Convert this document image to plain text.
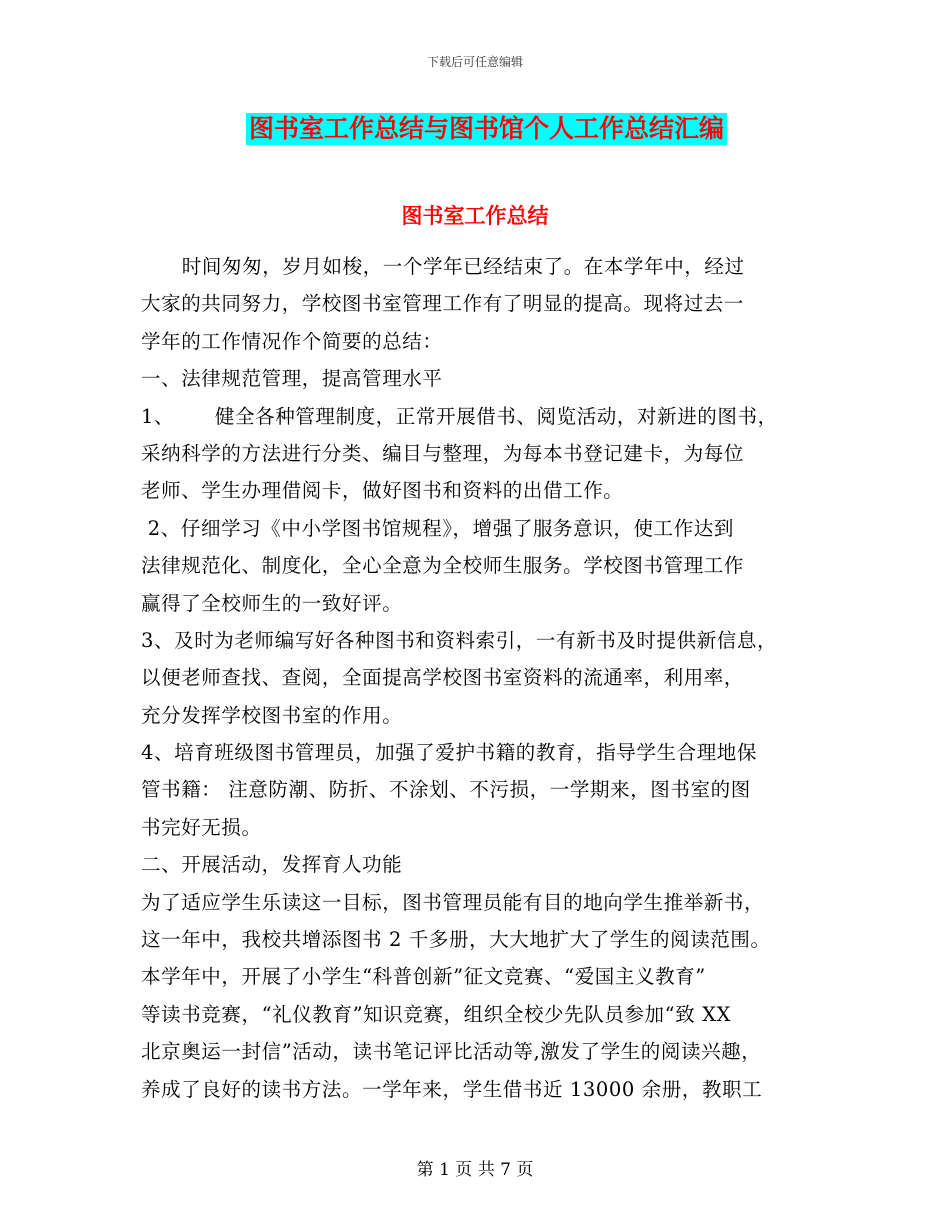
下载后可任意编辑
图书室工作总结与图书馆个人工作总结汇编
图书室工作总结
时间匆匆，岁月如梭，一个学年已经结束了。在本学年中，经过
大家的共同努力，学校图书室管理工作有了明显的提高。现将过去一
学年的工作情况作个简要的总结：
一、法律规范管理，提高管理水平
1、      健全各种管理制度，正常开展借书、阅览活动，对新进的图书，
采纳科学的方法进行分类、编目与整理，为每本书登记建卡，为每位
老师、学生办理借阅卡，做好图书和资料的出借工作。
2、仔细学习《中小学图书馆规程》，增强了服务意识，使工作达到
法律规范化、制度化，全心全意为全校师生服务。学校图书管理工作
赢得了全校师生的一致好评。
3、及时为老师编写好各种图书和资料索引，一有新书及时提供新信息，
以便老师查找、查阅，全面提高学校图书室资料的流通率，利用率，
充分发挥学校图书室的作用。
4、培育班级图书管理员，加强了爱护书籍的教育，指导学生合理地保
管书籍： 注意防潮、防折、不涂划、不污损，一学期来，图书室的图
书完好无损。
二、开展活动，发挥育人功能
为了适应学生乐读这一目标，图书管理员能有目的地向学生推举新书，
这一年中，我校共增添图书 2 千多册，大大地扩大了学生的阅读范围。
本学年中，开展了小学生“科普创新”征文竞赛、“爱国主义教育”
等读书竞赛，“礼仪教育”知识竞赛，组织全校少先队员参加“致 XX
北京奥运一封信”活动，读书笔记评比活动等,激发了学生的阅读兴趣，
养成了良好的读书方法。一学年来，学生借书近 13000 余册，教职工
第 1 页 共 7 页
